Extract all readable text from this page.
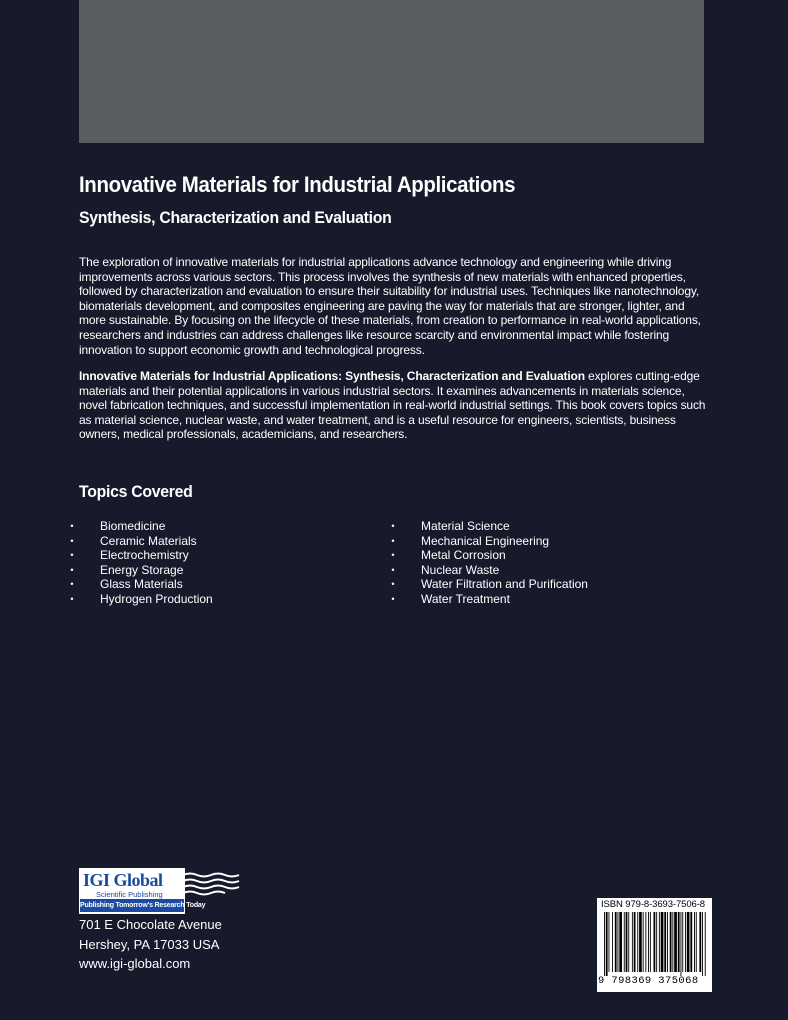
Innovative Materials for Industrial Applications
Synthesis, Characterization and Evaluation

The exploration of innovative materials for industrial applications advance technology and engineering while driving improvements across various sectors. This process involves the synthesis of new materials with enhanced properties, followed by characterization and evaluation to ensure their suitability for industrial uses. Techniques like nanotechnology, biomaterials development, and composites engineering are paving the way for materials that are stronger, lighter, and more sustainable. By focusing on the lifecycle of these materials, from creation to performance in real-world applications, researchers and industries can address challenges like resource scarcity and environmental impact while fostering innovation to support economic growth and technological progress.

Innovative Materials for Industrial Applications: Synthesis, Characterization and Evaluation explores cutting-edge materials and their potential applications in various industrial sectors. It examines advancements in materials science, novel fabrication techniques, and successful implementation in real-world industrial settings. This book covers topics such as material science, nuclear waste, and water treatment, and is a useful resource for engineers, scientists, business owners, medical professionals, academicians, and researchers.

Topics Covered
•	Biomedicine
•	Ceramic Materials
•	Electrochemistry
•	Energy Storage
•	Glass Materials
•	Hydrogen Production
•	Material Science
•	Mechanical Engineering
•	Metal Corrosion
•	Nuclear Waste
•	Water Filtration and Purification
•	Water Treatment
IGI Global
Scientific Publishing
Publishing Tomorrow's Research Today
701 E Chocolate Avenue
Hershey, PA 17033 USA
www.igi-global.com
ISBN 979-8-3693-7506-8
9 798369 375068
